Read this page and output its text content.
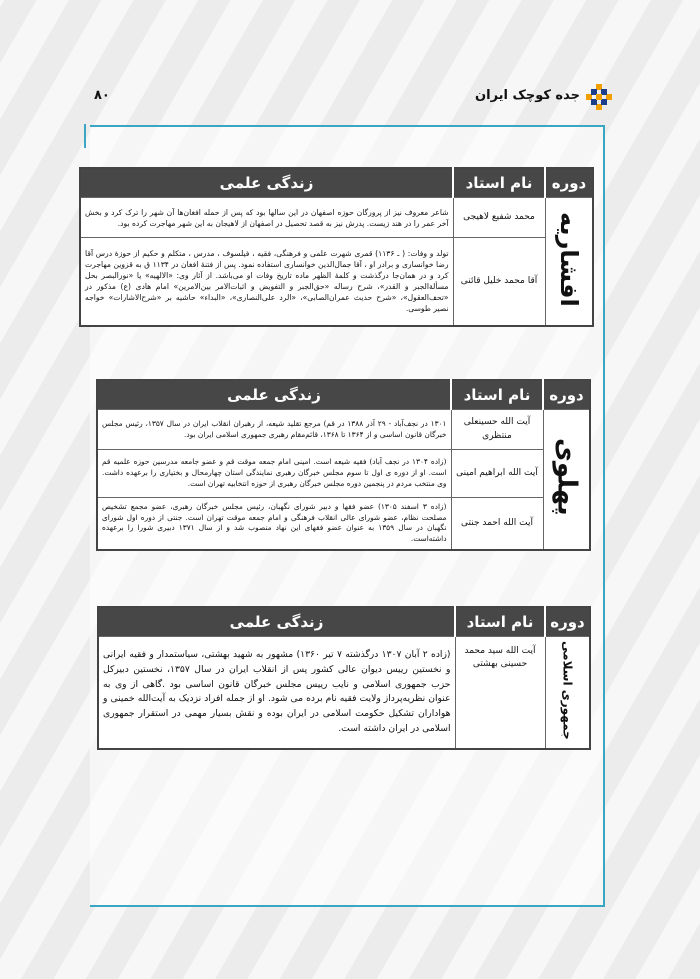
جده کوچک ایران
۸۰
دوره	نام استاد	زندگی علمی
افشاریه	محمد شفیع لاهیجی	شاعر معروف نیز از پرورگان حوزه اصفهان در این سالها بود که پس از حمله افغان‌ها آن شهر را ترک کرد و بخش آخر عمر را در هند زیست. پدرش نیز به قصد تحصیل در اصفهان از لاهیجان به این شهر مهاجرت کرده بود.
	آقا محمد خلیل قائنی	تولد و وفات: ( ـ ۱۱۳۶) قمری شهرت علمی و فرهنگی، فقیه ، فیلسوف ، مدرس ، متکلم و حکیم از حوزهٔ درس آقا رضا خوانساری و برادر او ، آقا جمال‌الدین خوانساری استفاده نمود. پس از فتنهٔ افغان در ۱۱۳۴ ق به قزوین مهاجرت کرد و در همان‌جا درگذشت و کلمهٔ الظهر ماده تاریخ وفات او می‌باشد. از آثار وی: «الالهیه» یا «نورالبصر بحل مسألةالجبر و القدر»، شرح رساله «حق‌الجبر و التفویض و اثبات‌الامر بین‌الامرین» امام هادی (ع) مذکور در «تحف‌العقول»، «شرح حدیث عمران‌الصابی»، «الرد علی‌النصاری»، «البداء» حاشیه بر «شرح‌الاشارات» خواجه نصیر طوسی.
دوره	نام استاد	زندگی علمی
پهلوی	آیت الله حسینعلی منتظری	۱۳۰۱ در نجف‌آباد - ۲۹ آذر ۱۳۸۸ در قم) مرجع تقلید شیعه، از رهبران انقلاب ایران در سال ۱۳۵۷، رئیس مجلس خبرگان قانون اساسی و از ۱۳۶۴ تا ۱۳۶۸، قائم‌مقام رهبری جمهوری اسلامی ایران بود.
	آیت الله ابراهیم امینی	(زاده ۱۳۰۴ در نجف آباد) فقیه شیعه است. امینی امام جمعه موقت قم و عضو جامعه مدرسین حوزه علمیه قم است. او از دوره ی اول تا سوم مجلس خبرگان رهبری نمایندگی استان چهارمحال و بختیاری را برعهده داشت. وی منتخب مردم در پنجمین دوره مجلس خبرگان رهبری از حوزه انتخابیه تهران است.
	آیت الله احمد جنتی	(زاده ۳ اسفند ۱۳۰۵) عضو فقها و دبیر شورای نگهبان، رئیس مجلس خبرگان رهبری، عضو مجمع تشخیص مصلحت نظام، عضو شورای عالی انقلاب فرهنگی و امام جمعه موقت تهران است. جنتی از دوره اول شورای نگهبان در سال ۱۳۵۹ به عنوان عضو فقهای این نهاد منصوب شد و از سال ۱۳۷۱ دبیری شورا را برعهده داشته‌است.
دوره	نام استاد	زندگی علمی
جمهوری اسلامی	آیت الله سید محمد حسینی بهشتی	(زاده ۲ آبان ۱۳۰۷ درگذشته ۷ تیر ۱۳۶۰) مشهور به شهید بهشتی، سیاستمدار و فقیه ایرانی و نخستین رییس دیوان عالی کشور پس از انقلاب ایران در سال ۱۳۵۷، نخستین دبیرکل حزب جمهوری اسلامی و نایب رییس مجلس خبرگان قانون اساسی بود .گاهی از وی به عنوان نظریه‌پرداز ولایت فقیه نام برده می شود. او از جمله افراد نزدیک به آیت‌الله خمینی و هواداران تشکیل حکومت اسلامی در ایران بوده و نقش بسیار مهمی در استقرار جمهوری اسلامی در ایران داشته است.
